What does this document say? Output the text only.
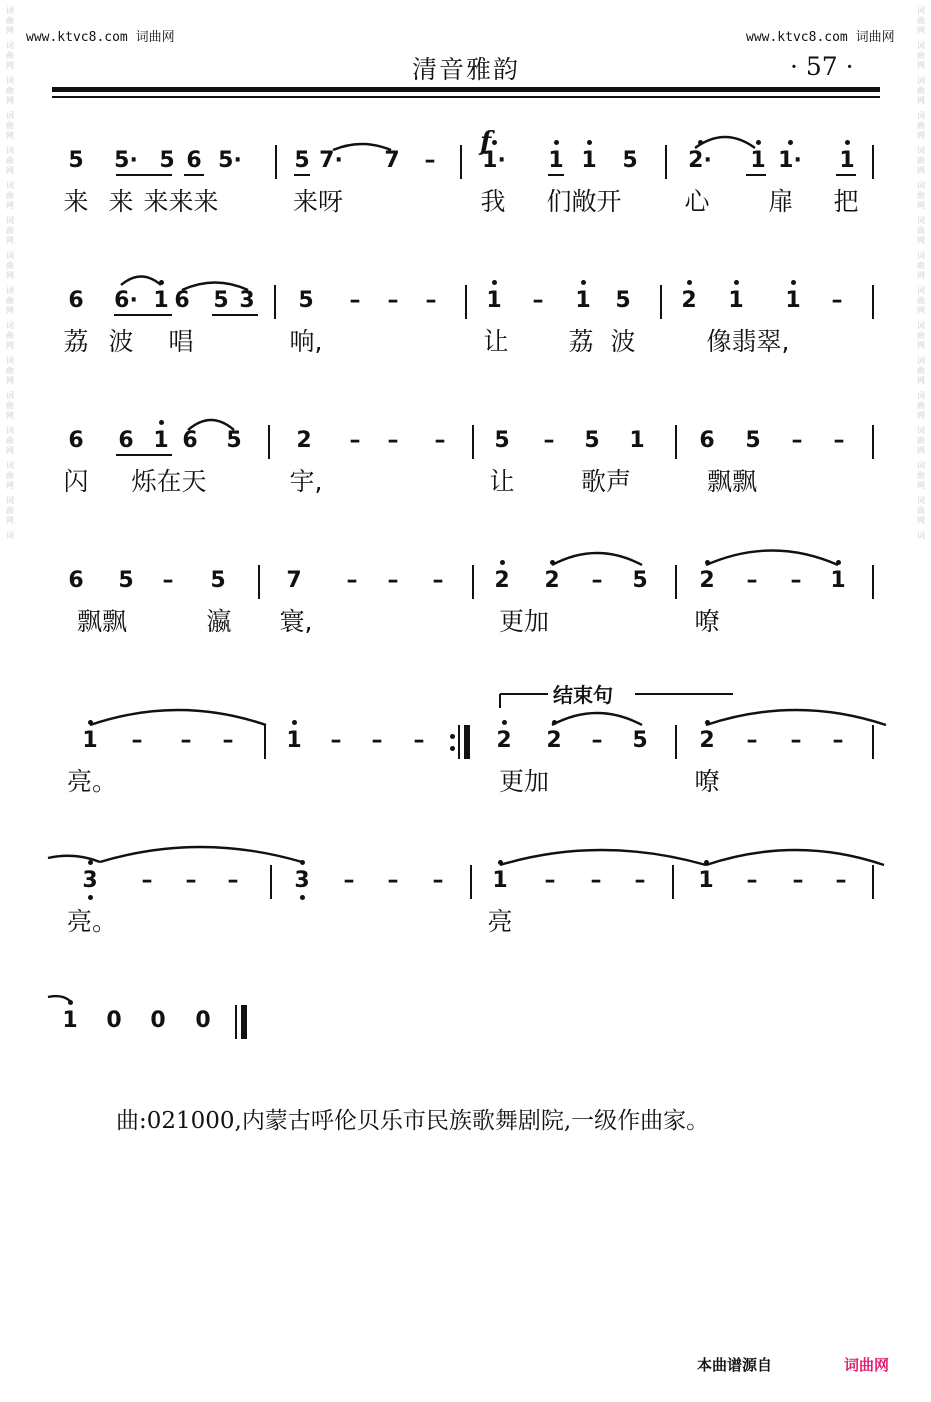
词
曲
网
词
曲
网
词
曲
网
词
曲
网
词
曲
网
词
曲
网
词
曲
网
词
曲
网
词
曲
网
词
曲
网
词
曲
网
词
曲
网
词
曲
网
词
曲
网
词
曲
网
词
词
曲
网
词
曲
网
词
曲
网
词
曲
网
词
曲
网
词
曲
网
词
曲
网
词
曲
网
词
曲
网
词
曲
网
词
曲
网
词
曲
网
词
曲
网
词
曲
网
词
曲
网
词
www.ktvc8.com 词曲网	www.ktvc8.com 词曲网
清音雅韵	· 57 ·
5 5· 5 6 5· 5 7· 7 – 1· 1 1 5 2· 1 1· 1
来 来 来来来	来呀	我 们敞开	心 扉 把
6 6· 1 6 5 3 5 – – – 1 – 1 5 2 1 1 –
荔 波 唱	响,	让 荔 波	像翡翠,
6 6 1 6 5 2 – – – 5 – 5 1 6 5 – –
闪 烁在天	宇,	让	歌声	飘飘
6 5 – 5	7 – – – 2 2 – 5 2 – – 1
飘飘	瀛 寰,	更加	嘹
1 – – – 1 – – –	2 2 – 5 2 – – –
亮。	更加	嘹
3 – – –	3 – – – 1 – – – 1 – – –
亮。	亮
1 0 0 0
f
结束句
曲:021000,内蒙古呼伦贝乐市民族歌舞剧院,一级作曲家。
本曲谱源自	词曲网
